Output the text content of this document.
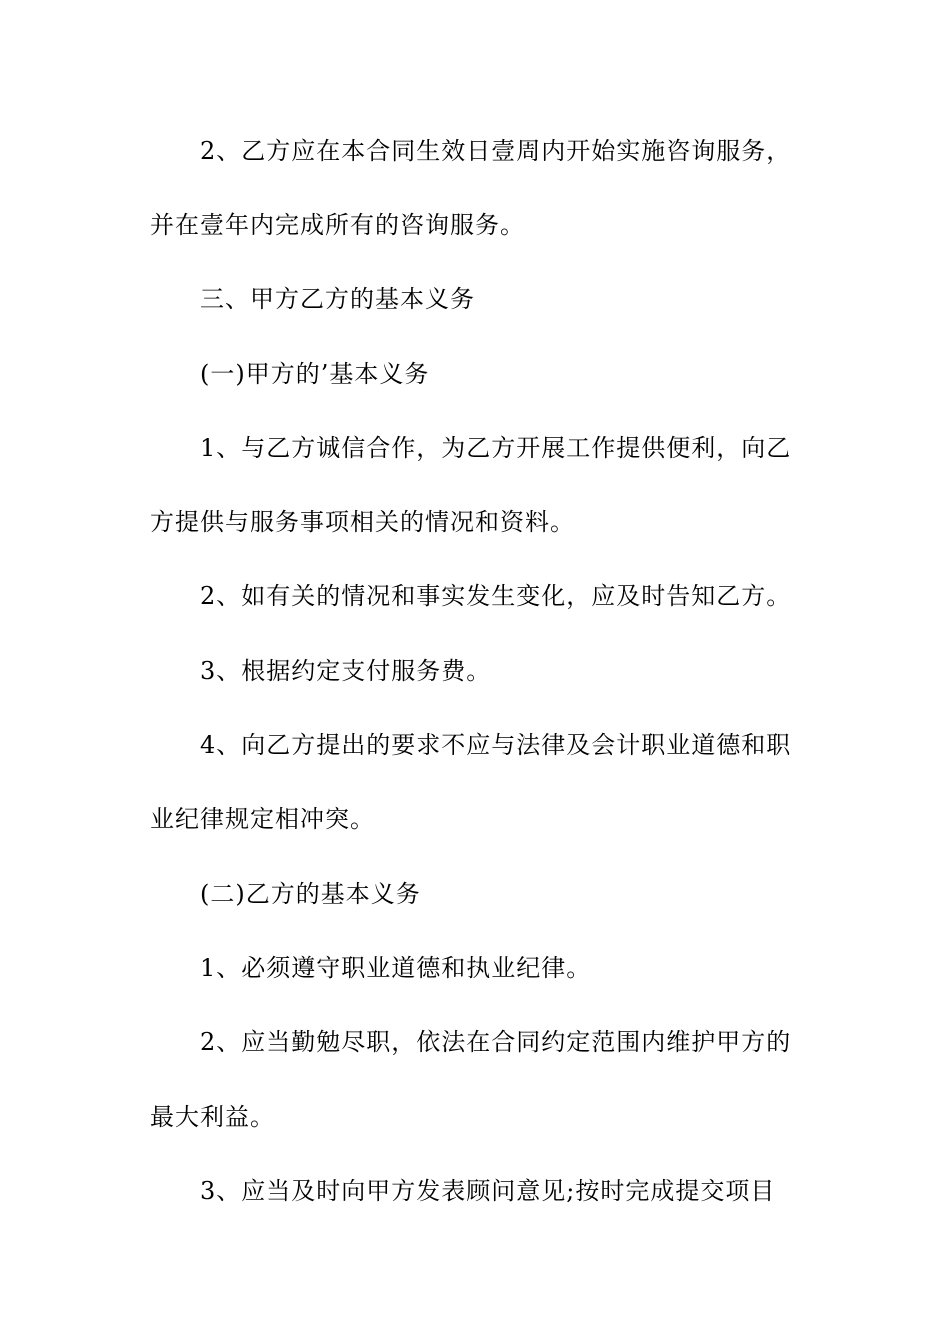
2、乙方应在本合同生效日壹周内开始实施咨询服务，
并在壹年内完成所有的咨询服务。
三、甲方乙方的基本义务
(一)甲方的’基本义务
1、与乙方诚信合作，为乙方开展工作提供便利，向乙
方提供与服务事项相关的情况和资料。
2、如有关的情况和事实发生变化，应及时告知乙方。
3、根据约定支付服务费。
4、向乙方提出的要求不应与法律及会计职业道德和职
业纪律规定相冲突。
(二)乙方的基本义务
1、必须遵守职业道德和执业纪律。
2、应当勤勉尽职，依法在合同约定范围内维护甲方的
最大利益。
3、应当及时向甲方发表顾问意见;按时完成提交项目
